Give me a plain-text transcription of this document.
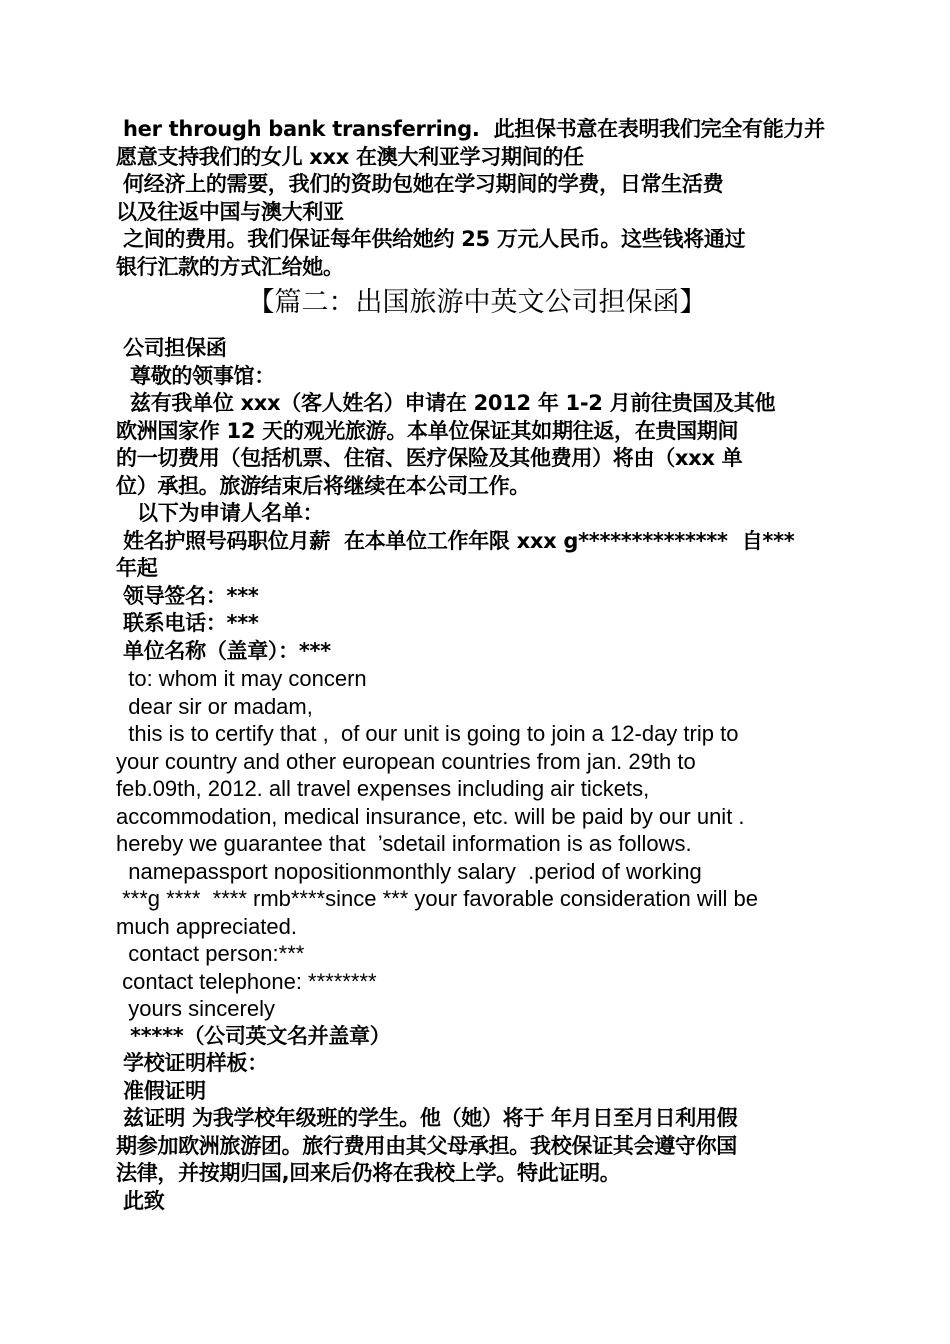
her through bank transferring.  此担保书意在表明我们完全有能力并
愿意支持我们的女儿 xxx 在澳大利亚学习期间的任
何经济上的需要，我们的资助包她在学习期间的学费，日常生活费
以及往返中国与澳大利亚
之间的费用。我们保证每年供给她约 25 万元人民币。这些钱将通过
银行汇款的方式汇给她。
【篇二：出国旅游中英文公司担保函】
公司担保函
尊敬的领事馆：
兹有我单位 xxx（客人姓名）申请在 2012 年 1-2 月前往贵国及其他
欧洲国家作 12 天的观光旅游。本单位保证其如期往返，在贵国期间
的一切费用（包括机票、住宿、医疗保险及其他费用）将由（xxx 单
位）承担。旅游结束后将继续在本公司工作。
以下为申请人名单：
姓名护照号码职位月薪  在本单位工作年限 xxx g**************  自***
年起
领导签名：***
联系电话：***
单位名称（盖章）：***
to: whom it may concern
dear sir or madam,
this is to certify that ,  of our unit is going to join a 12-day trip to
your country and other european countries from jan. 29th to
feb.09th, 2012. all travel expenses including air tickets,
accommodation, medical insurance, etc. will be paid by our unit .
hereby we guarantee that  ’sdetail information is as follows.
namepassport nopositionmonthly salary  .period of working
***g ****  **** rmb****since *** your favorable consideration will be
much appreciated.
contact person:***
contact telephone: ********
yours sincerely
*****（公司英文名并盖章）
学校证明样板：
准假证明
兹证明 为我学校年级班的学生。他（她）将于 年月日至月日利用假
期参加欧洲旅游团。旅行费用由其父母承担。我校保证其会遵守你国
法律，并按期归国,回来后仍将在我校上学。特此证明。
此致
